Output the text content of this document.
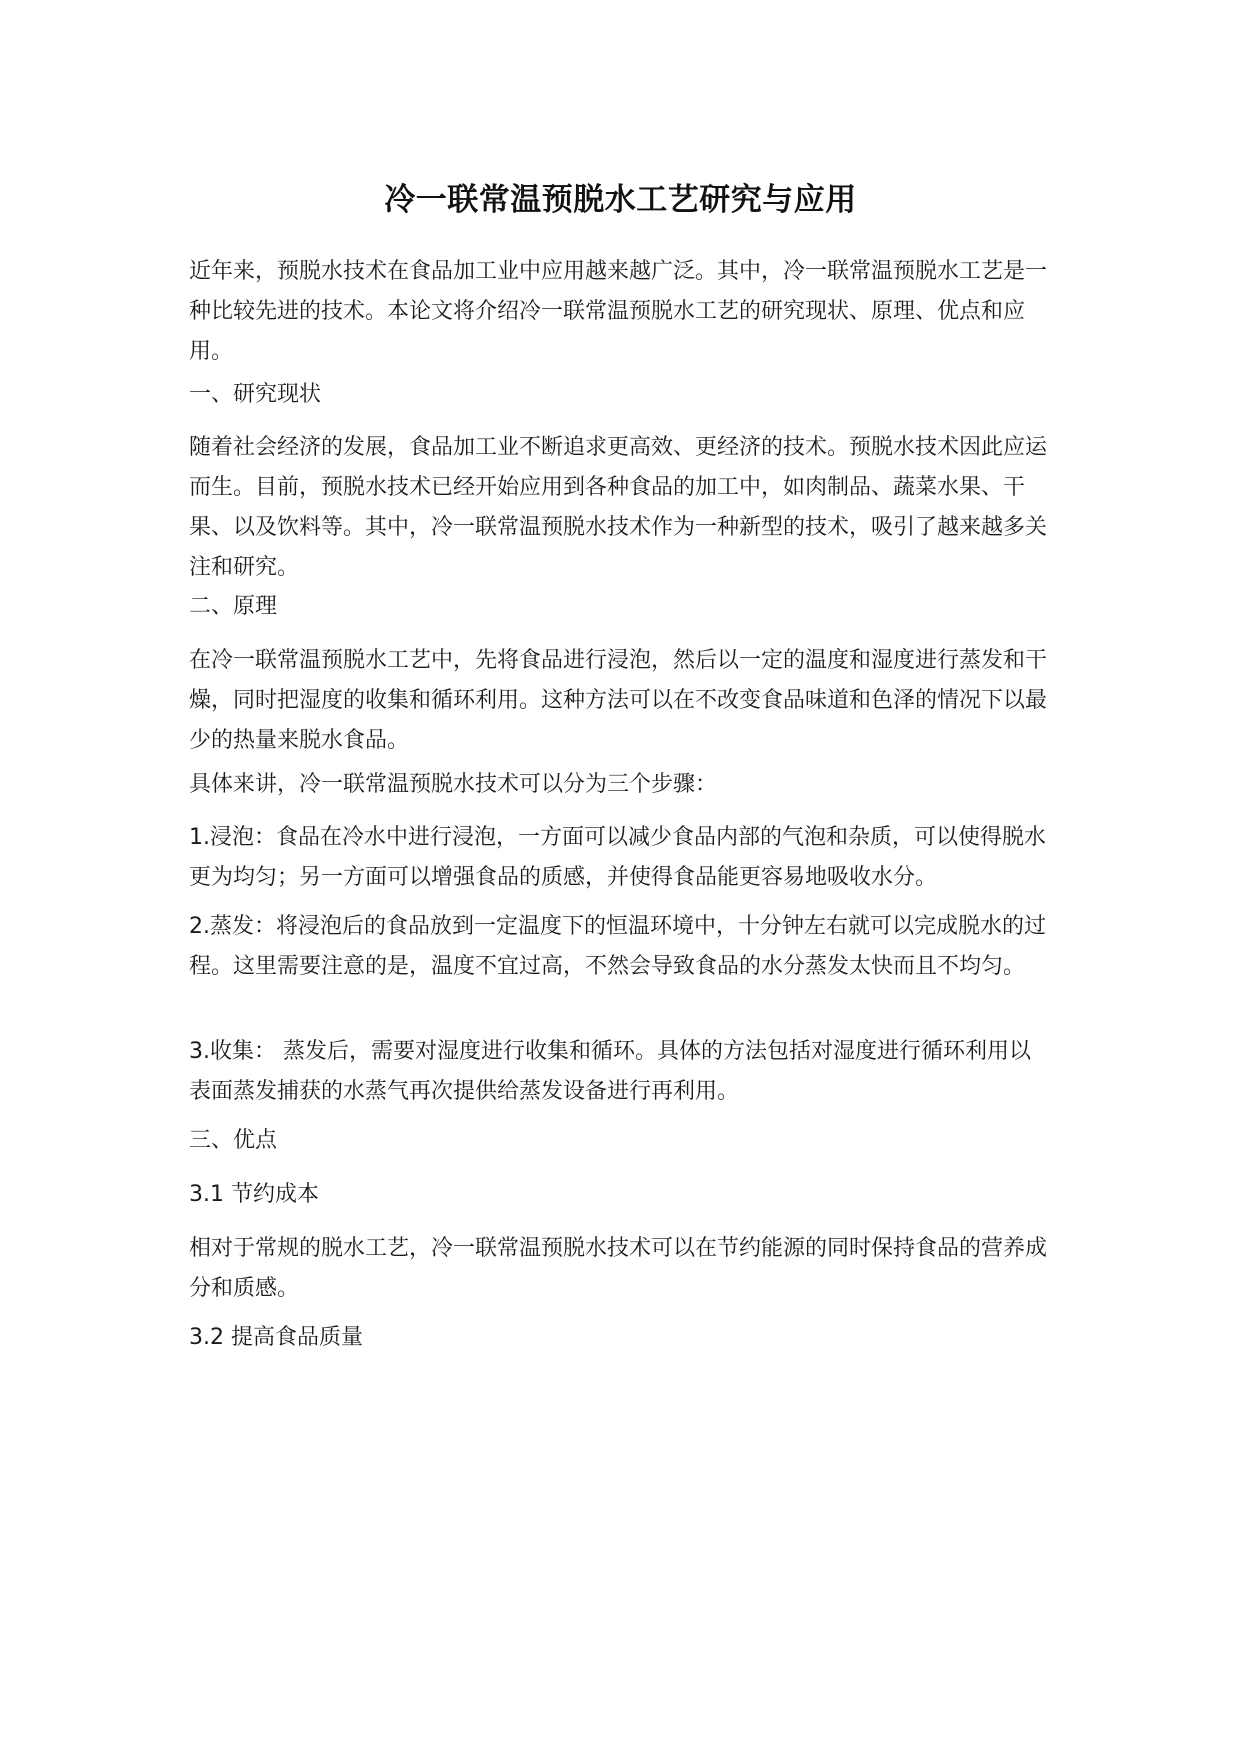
冷一联常温预脱水工艺研究与应用

近年来，预脱水技术在食品加工业中应用越来越广泛。其中，冷一联常温预脱水工艺是一种比较先进的技术。本论文将介绍冷一联常温预脱水工艺的研究现状、原理、优点和应用。

一、研究现状

随着社会经济的发展，食品加工业不断追求更高效、更经济的技术。预脱水技术因此应运而生。目前，预脱水技术已经开始应用到各种食品的加工中，如肉制品、蔬菜水果、干果、以及饮料等。其中，冷一联常温预脱水技术作为一种新型的技术，吸引了越来越多关注和研究。

二、原理

在冷一联常温预脱水工艺中，先将食品进行浸泡，然后以一定的温度和湿度进行蒸发和干燥，同时把湿度的收集和循环利用。这种方法可以在不改变食品味道和色泽的情况下以最少的热量来脱水食品。

具体来讲，冷一联常温预脱水技术可以分为三个步骤：

1.浸泡：食品在冷水中进行浸泡，一方面可以减少食品内部的气泡和杂质，可以使得脱水更为均匀；另一方面可以增强食品的质感，并使得食品能更容易地吸收水分。

2.蒸发：将浸泡后的食品放到一定温度下的恒温环境中，十分钟左右就可以完成脱水的过程。这里需要注意的是，温度不宜过高，不然会导致食品的水分蒸发太快而且不均匀。

3.收集： 蒸发后，需要对湿度进行收集和循环。具体的方法包括对湿度进行循环利用以表面蒸发捕获的水蒸气再次提供给蒸发设备进行再利用。

三、优点

3.1 节约成本

相对于常规的脱水工艺，冷一联常温预脱水技术可以在节约能源的同时保持食品的营养成分和质感。

3.2 提高食品质量
